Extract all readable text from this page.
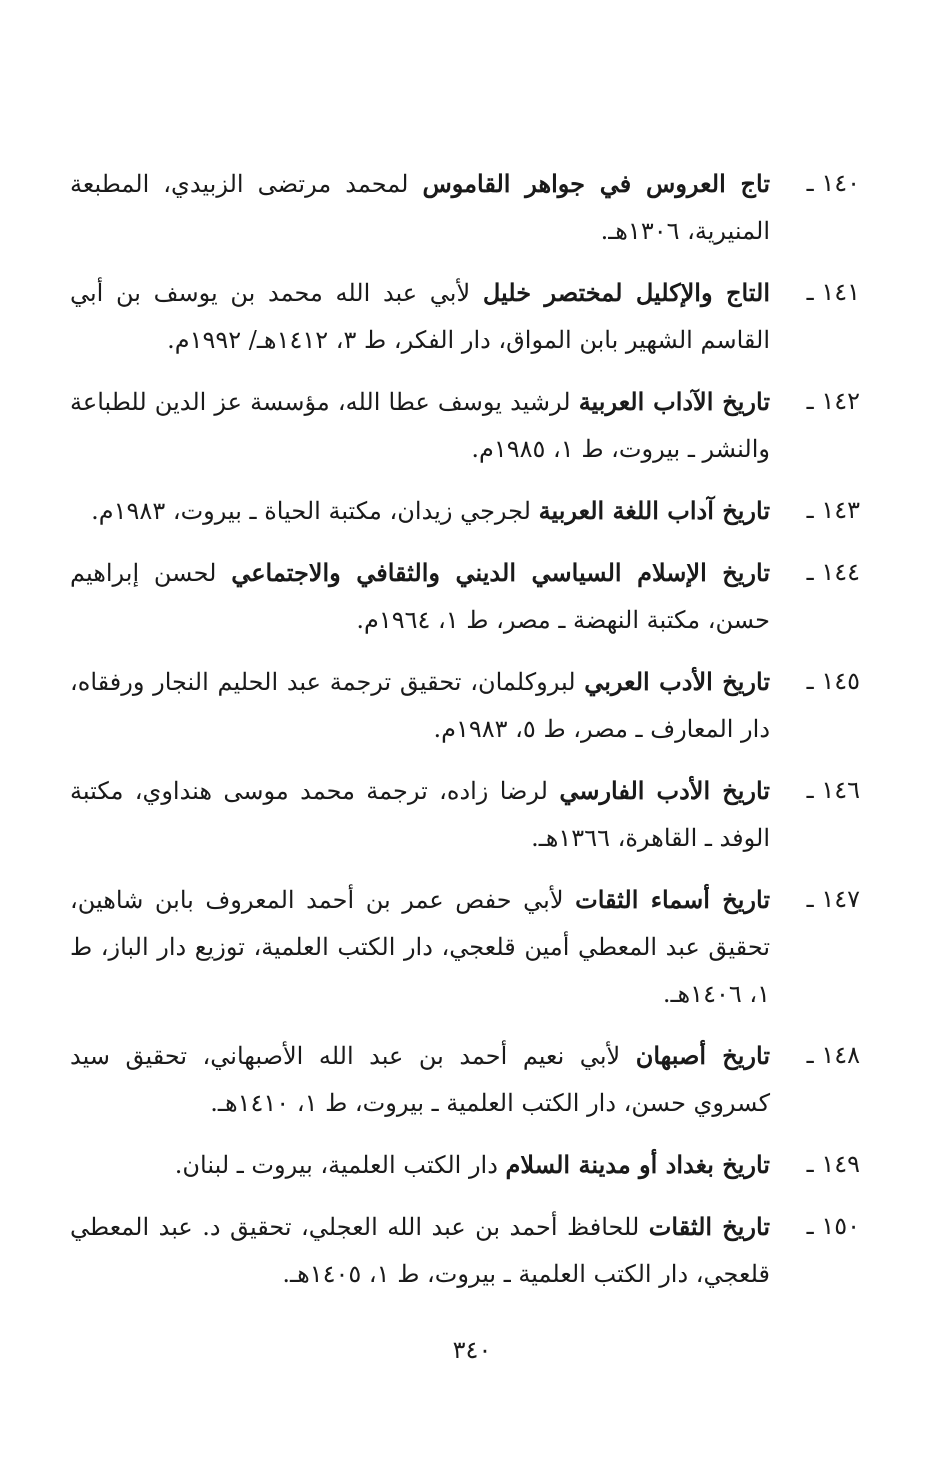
١٤٠ ـ
تاج العروس في جواهر القاموس لمحمد مرتضى الزبيدي، المطبعة المنيرية، ١٣٠٦هـ.
١٤١ ـ
التاج والإكليل لمختصر خليل لأبي عبد الله محمد بن يوسف بن أبي القاسم الشهير بابن المواق، دار الفكر، ط ٣، ١٤١٢هـ/ ١٩٩٢م.
١٤٢ ـ
تاريخ الآداب العربية لرشيد يوسف عطا الله، مؤسسة عز الدين للطباعة والنشر ـ بيروت، ط ١، ١٩٨٥م.
١٤٣ ـ
تاريخ آداب اللغة العربية لجرجي زيدان، مكتبة الحياة ـ بيروت، ١٩٨٣م.
١٤٤ ـ
تاريخ الإسلام السياسي الديني والثقافي والاجتماعي لحسن إبراهيم حسن، مكتبة النهضة ـ مصر، ط ١، ١٩٦٤م.
١٤٥ ـ
تاريخ الأدب العربي لبروكلمان، تحقيق ترجمة عبد الحليم النجار ورفقاه، دار المعارف ـ مصر، ط ٥، ١٩٨٣م.
١٤٦ ـ
تاريخ الأدب الفارسي لرضا زاده، ترجمة محمد موسى هنداوي، مكتبة الوفد ـ القاهرة، ١٣٦٦هـ.
١٤٧ ـ
تاريخ أسماء الثقات لأبي حفص عمر بن أحمد المعروف بابن شاهين، تحقيق عبد المعطي أمين قلعجي، دار الكتب العلمية، توزيع دار الباز، ط ١، ١٤٠٦هـ.
١٤٨ ـ
تاريخ أصبهان لأبي نعيم أحمد بن عبد الله الأصبهاني، تحقيق سيد كسروي حسن، دار الكتب العلمية ـ بيروت، ط ١، ١٤١٠هـ.
١٤٩ ـ
تاريخ بغداد أو مدينة السلام دار الكتب العلمية، بيروت ـ لبنان.
١٥٠ ـ
تاريخ الثقات للحافظ أحمد بن عبد الله العجلي، تحقيق د. عبد المعطي قلعجي، دار الكتب العلمية ـ بيروت، ط ١، ١٤٠٥هـ.
٣٤٠
